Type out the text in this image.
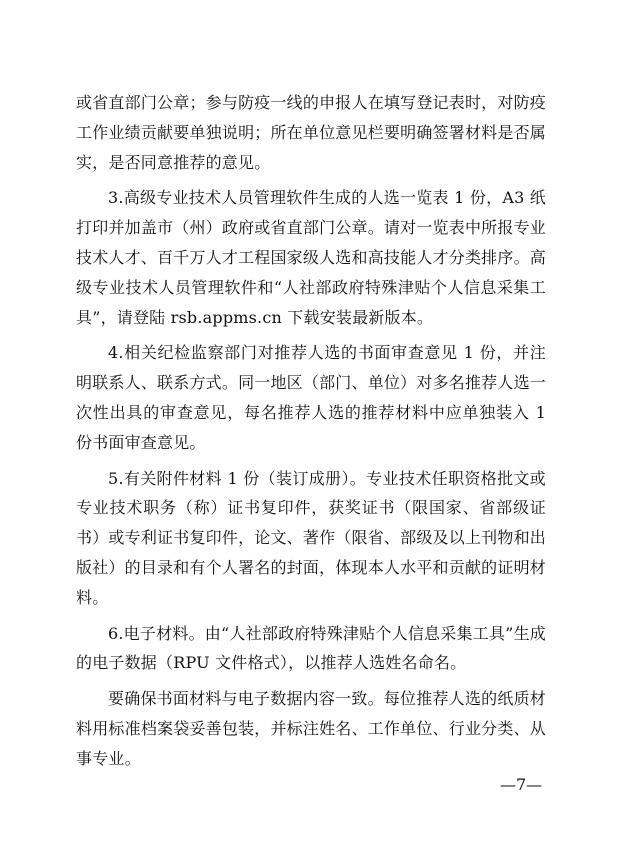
或省直部门公章；参与防疫一线的申报人在填写登记表时，对防疫工作业绩贡献要单独说明；所在单位意见栏要明确签署材料是否属实，是否同意推荐的意见。

3.高级专业技术人员管理软件生成的人选一览表 1 份，A3 纸打印并加盖市（州）政府或省直部门公章。请对一览表中所报专业技术人才、百千万人才工程国家级人选和高技能人才分类排序。高级专业技术人员管理软件和“人社部政府特殊津贴个人信息采集工具”，请登陆 rsb.appms.cn 下载安装最新版本。

4.相关纪检监察部门对推荐人选的书面审查意见 1 份，并注明联系人、联系方式。同一地区（部门、单位）对多名推荐人选一次性出具的审查意见，每名推荐人选的推荐材料中应单独装入 1 份书面审查意见。

5.有关附件材料 1 份（装订成册）。专业技术任职资格批文或专业技术职务（称）证书复印件，获奖证书（限国家、省部级证书）或专利证书复印件，论文、著作（限省、部级及以上刊物和出版社）的目录和有个人署名的封面，体现本人水平和贡献的证明材料。

6.电子材料。由“人社部政府特殊津贴个人信息采集工具”生成的电子数据（RPU 文件格式），以推荐人选姓名命名。

要确保书面材料与电子数据内容一致。每位推荐人选的纸质材料用标准档案袋妥善包装，并标注姓名、工作单位、行业分类、从事专业。

—7—
